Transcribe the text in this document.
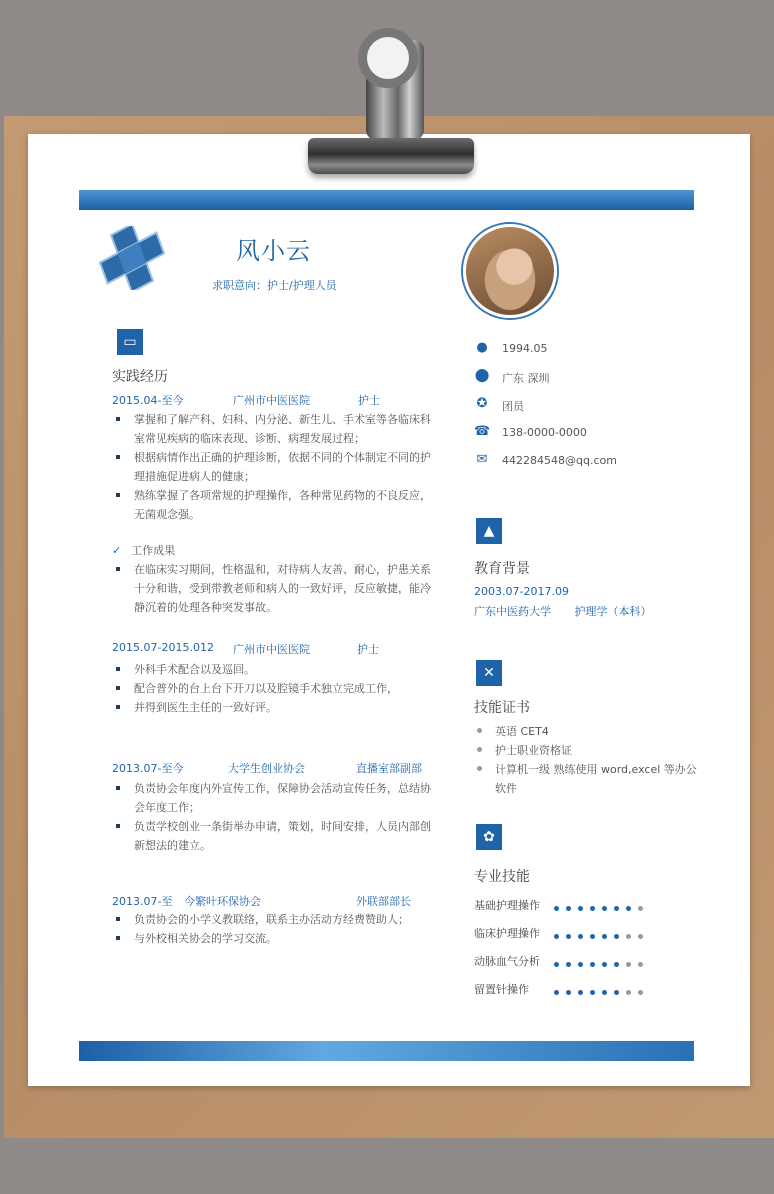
风小云
求职意向：护士/护理人员
▭
实践经历
2015.04-至今	广州市中医医院	护士
掌握和了解产科、妇科、内分泌、新生儿、手术室等各临床科室常见疾病的临床表现、诊断、病理发展过程；
根据病情作出正确的护理诊断，依据不同的个体制定不同的护理措施促进病人的健康；
熟练掌握了各项常规的护理操作，各种常见药物的不良反应，无菌观念强。
✓ 工作成果
在临床实习期间，性格温和，对待病人友善、耐心，护患关系十分和谐，受到带教老师和病人的一致好评，反应敏捷，能冷静沉着的处理各种突发事故。
2015.07-2015.012 广州市中医医院	护士
外科手术配合以及巡回。
配合普外的台上台下开刀以及腔镜手术独立完成工作，
并得到医生主任的一致好评。
2013.07-至今	大学生创业协会	直播室部副部
负责协会年度内外宣传工作，保障协会活动宣传任务，总结协会年度工作；
负责学校创业一条街举办申请，策划，时间安排，人员内部创新想法的建立。
2013.07-至 今繁叶环保协会	外联部部长
负责协会的小学义教联络，联系主办活动方经费赞助人；
与外校相关协会的学习交流。
● 1994.05
⬤ 广东 深圳
✪ 团员
☎ 138-0000-0000
✉ 442284548@qq.com
▲
教育背景
2003.07-2017.09
广东中医药大学 护理学（本科）
✕
技能证书
英语 CET4
护士职业资格证
计算机一级 熟练使用 word,excel 等办公软件
✿
专业技能
基础护理操作
临床护理操作
动脉血气分析
留置针操作
